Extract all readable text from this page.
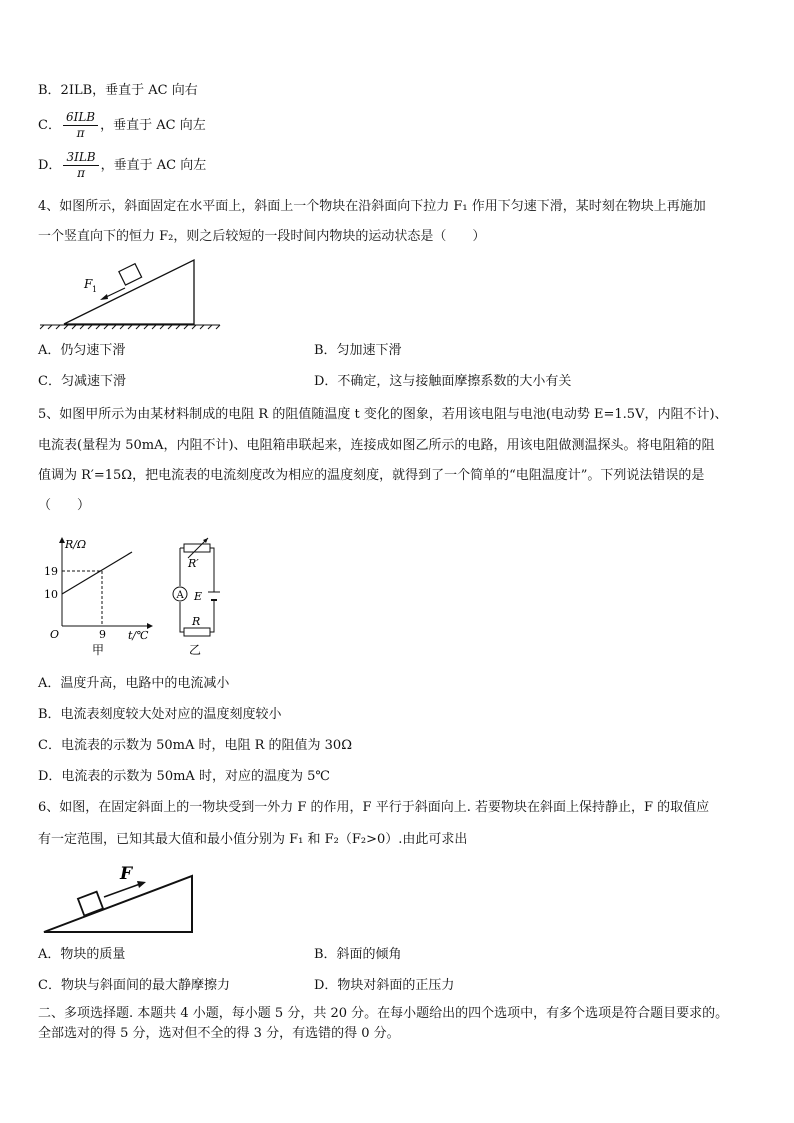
B．2ILB，垂直于 AC 向右
C． $\frac{\text{6ILB}}{\pi}$ ，垂直于 AC 向左
D． $\frac{\text{3ILB}}{\pi}$ ，垂直于 AC 向左
4、如图所示，斜面固定在水平面上，斜面上一个物块在沿斜面向下拉力 F₁ 作用下匀速下滑，某时刻在物块上再施加
一个竖直向下的恒力 F₂，则之后较短的一段时间内物块的运动状态是（　　）
F 1
A．仍匀速下滑	B．匀加速下滑
C．匀减速下滑	D．不确定，这与接触面摩擦系数的大小有关
5、如图甲所示为由某材料制成的电阻 R 的阻值随温度 t 变化的图象，若用该电阻与电池(电动势 E=1.5V，内阻不计)、
电流表(量程为 50mA，内阻不计)、电阻箱串联起来，连接成如图乙所示的电路，用该电阻做测温探头。将电阻箱的阻
值调为 R′=15Ω，把电流表的电流刻度改为相应的温度刻度，就得到了一个简单的“电阻温度计”。下列说法错误的是
（　　）
R/Ω
19
10
O	9 t/℃
甲
R′
A E
R
乙
A．温度升高，电路中的电流减小
B．电流表刻度较大处对应的温度刻度较小
C．电流表的示数为 50mA 时，电阻 R 的阻值为 30Ω
D．电流表的示数为 50mA 时，对应的温度为 5℃
6、如图，在固定斜面上的一物块受到一外力 F 的作用，F 平行于斜面向上. 若要物块在斜面上保持静止，F 的取值应
有一定范围，已知其最大值和最小值分别为 F₁ 和 F₂（F₂>0）.由此可求出
F
A．物块的质量	B．斜面的倾角
C．物块与斜面间的最大静摩擦力	D．物块对斜面的正压力
二、多项选择题. 本题共 4 小题，每小题 5 分，共 20 分。在每小题给出的四个选项中，有多个选项是符合题目要求的。
全部选对的得 5 分，选对但不全的得 3 分，有选错的得 0 分。
